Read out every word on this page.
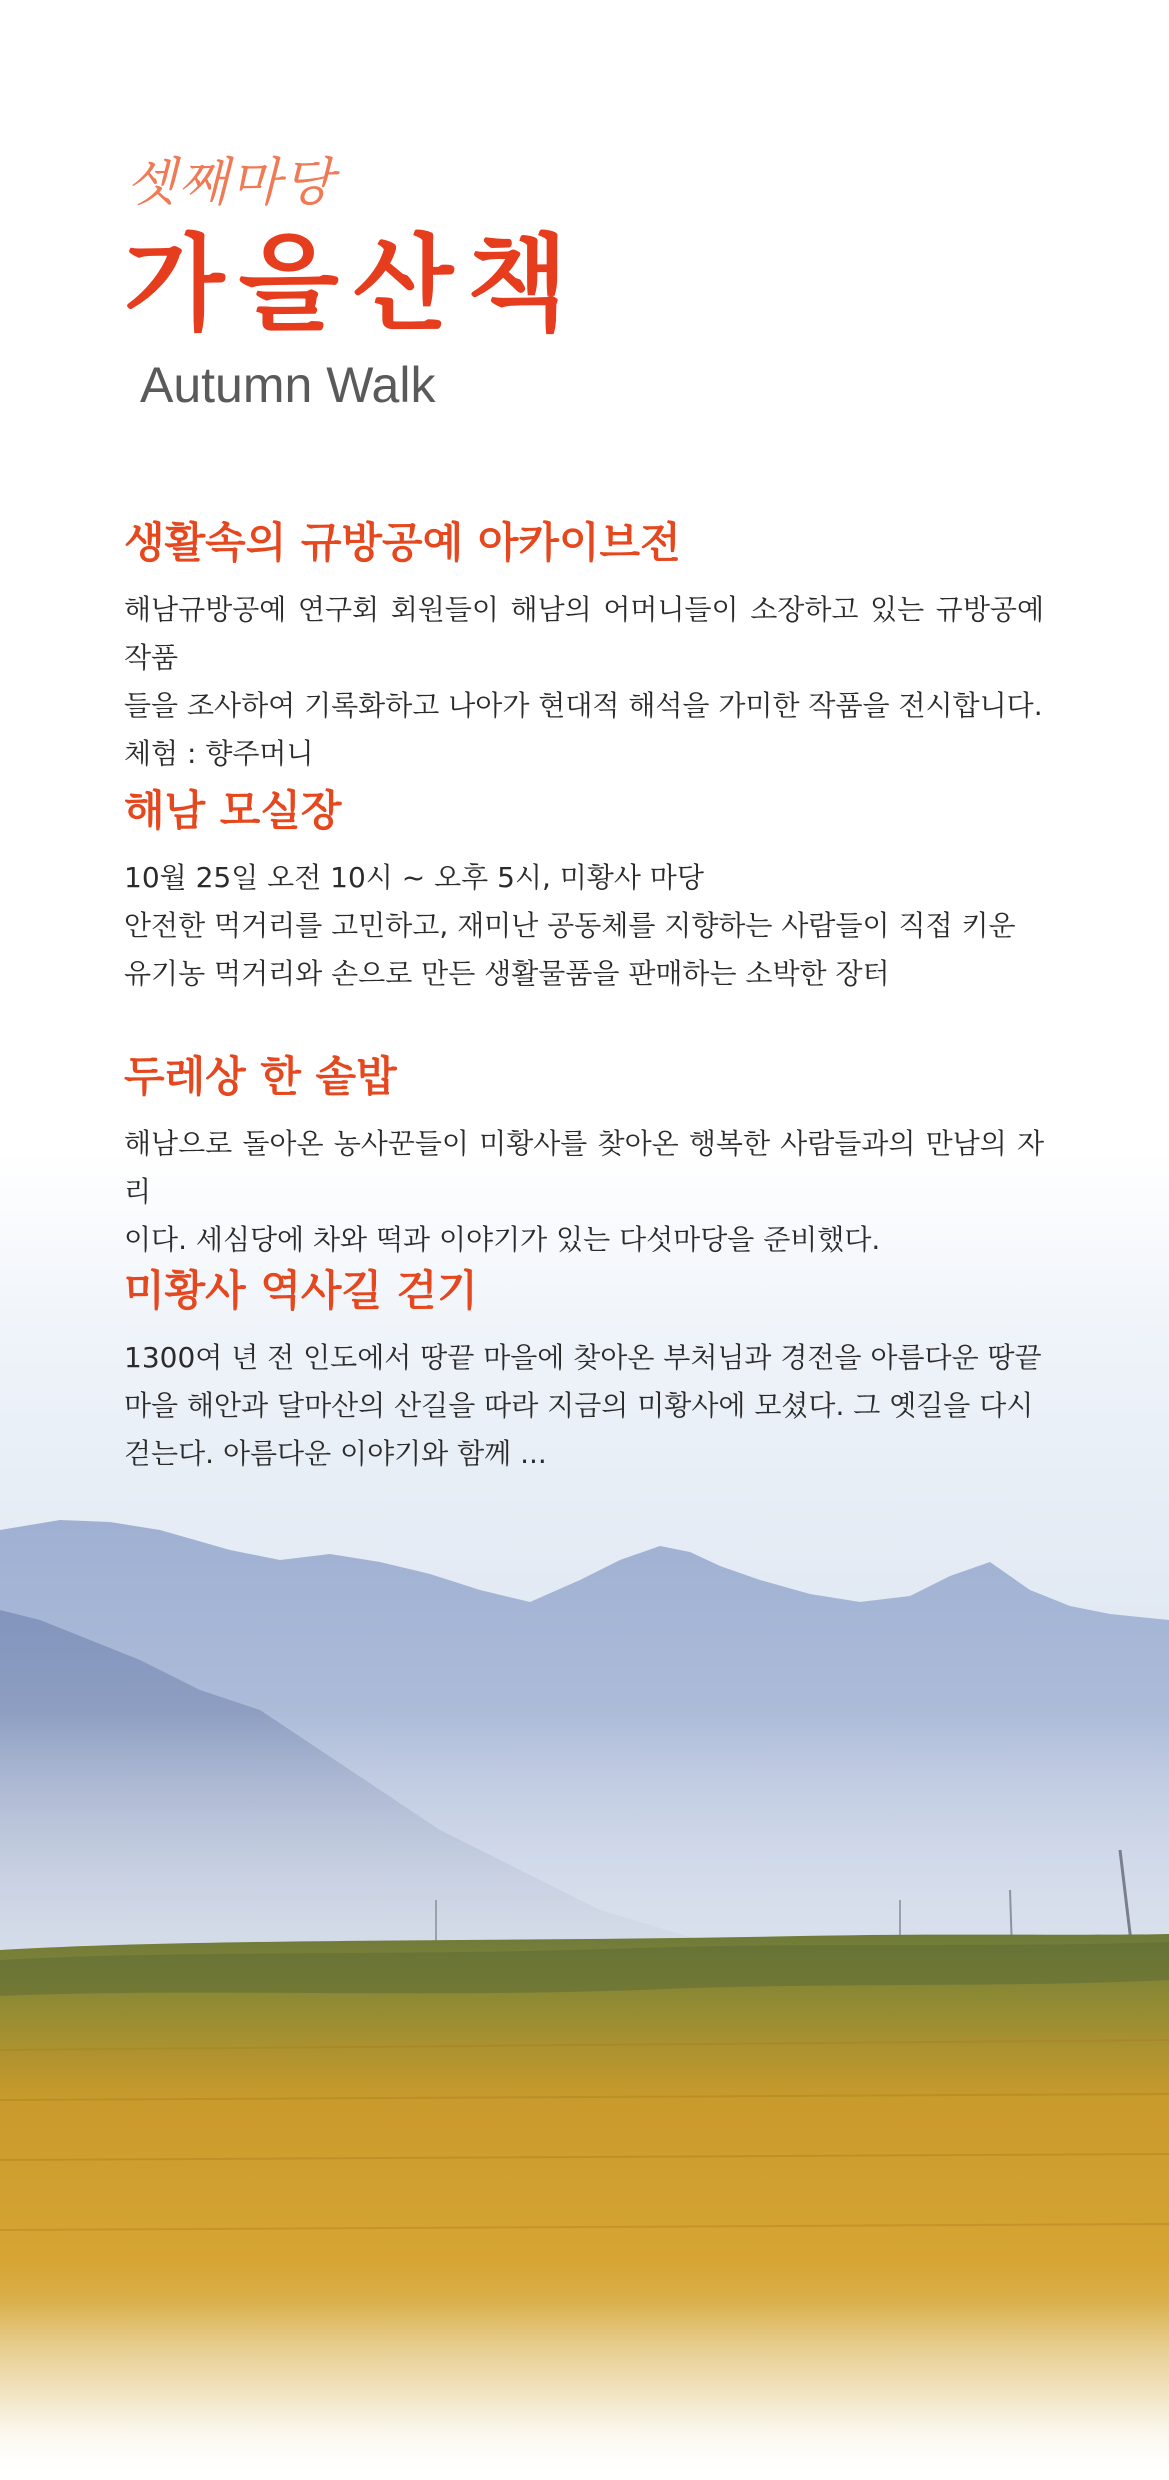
셋째마당
가을산책
Autumn Walk
생활속의 규방공예 아카이브전

해남규방공예 연구회 회원들이 해남의 어머니들이 소장하고 있는 규방공예작품
들을 조사하여 기록화하고 나아가 현대적 해석을 가미한 작품을 전시합니다.
체험 : 향주머니

해남 모실장

10월 25일 오전 10시 ~ 오후 5시, 미황사 마당
안전한 먹거리를 고민하고, 재미난 공동체를 지향하는 사람들이 직접 키운
유기농 먹거리와 손으로 만든 생활물품을 판매하는 소박한 장터

두레상 한 솥밥

해남으로 돌아온 농사꾼들이 미황사를 찾아온 행복한 사람들과의 만남의 자리
이다. 세심당에 차와 떡과 이야기가 있는 다섯마당을 준비했다.

미황사 역사길 걷기

1300여 년 전 인도에서 땅끝 마을에 찾아온 부처님과 경전을 아름다운 땅끝
마을 해안과 달마산의 산길을 따라 지금의 미황사에 모셨다. 그 옛길을 다시
걷는다. 아름다운 이야기와 함께 ...
